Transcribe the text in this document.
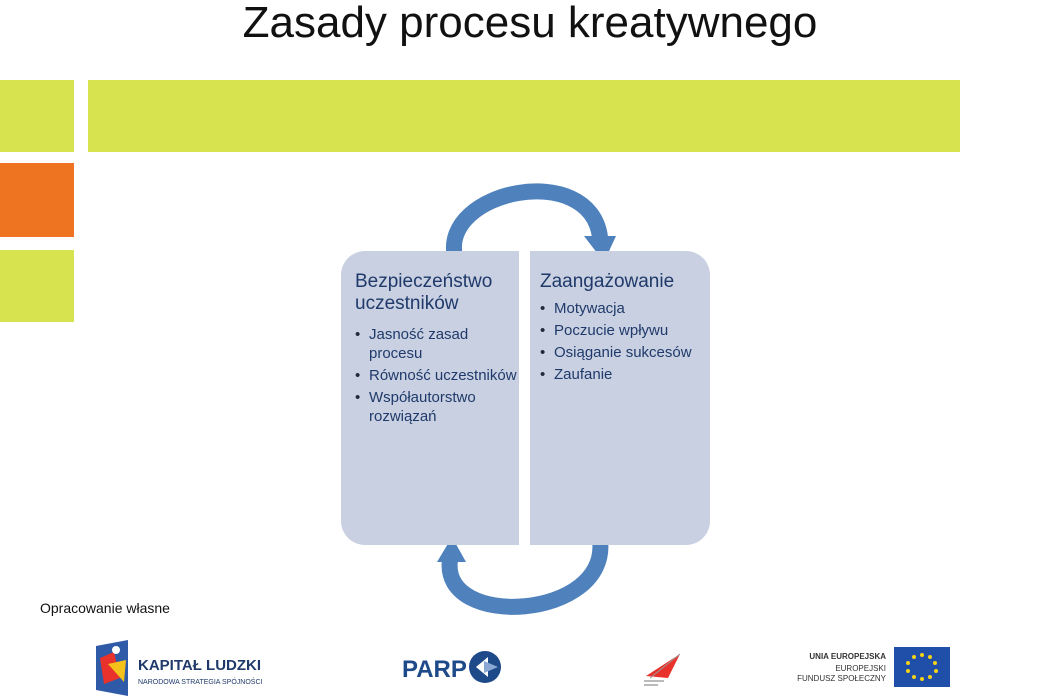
Zasady procesu kreatywnego
Bezpieczeństwo uczestników
• Jasność zasad procesu
• Równość uczestników
• Współautorstwo rozwiązań
Zaangażowanie
• Motywacja
• Poczucie wpływu
• Osiąganie sukcesów
• Zaufanie
Opracowanie własne
KAPITAŁ LUDZKI
NARODOWA STRATEGIA SPÓJNOŚCI	PARP	UNIA EUROPEJSKA
EUROPEJSKI
FUNDUSZ SPOŁECZNY
